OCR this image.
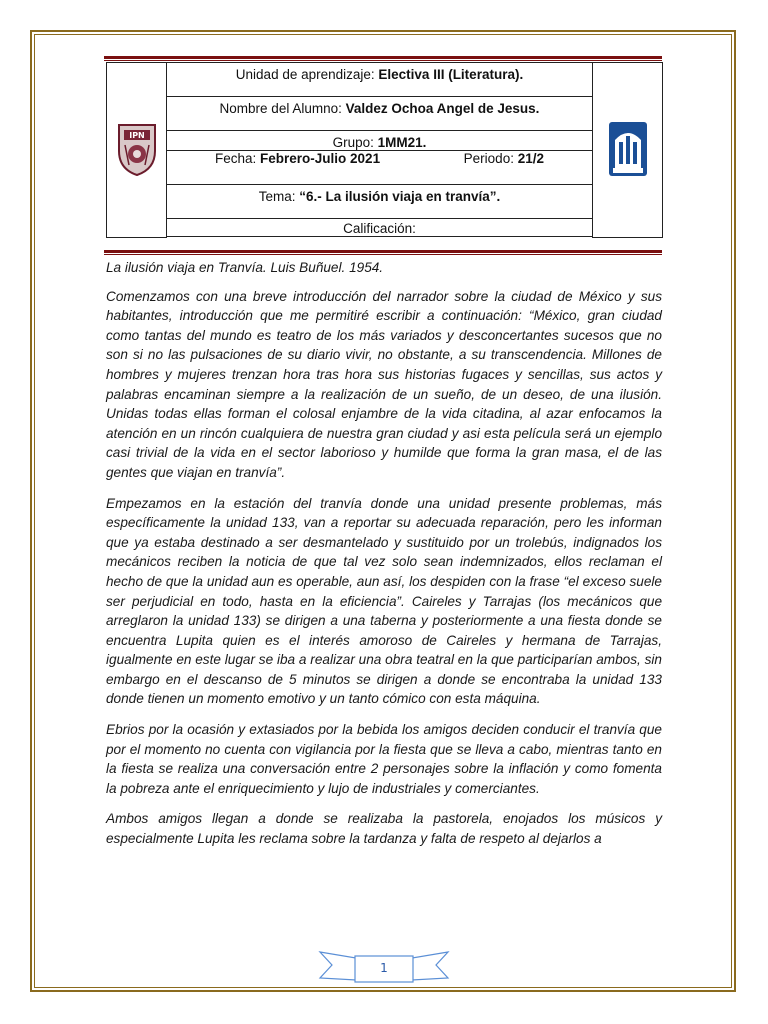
IPN
	Unidad de aprendizaje: Electiva III (Literatura).	
Nombre del Alumno: Valdez Ochoa Angel de Jesus.
Grupo: 1MM21.

Fecha: Febrero-Julio 2021	Periodo: 21/2

Tema: “6.- La ilusión viaja en tranvía”.
Calificación:

La ilusión viaja en Tranvía. Luis Buñuel. 1954.

Comenzamos con una breve introducción del narrador sobre la ciudad de México y sus habitantes, introducción que me permitiré escribir a continuación: “México, gran ciudad como tantas del mundo es teatro de los más variados y desconcertantes sucesos que no son si no las pulsaciones de su diario vivir, no obstante, a su transcendencia. Millones de hombres y mujeres trenzan hora tras hora sus historias fugaces y sencillas, sus actos y palabras encaminan siempre a la realización de un sueño, de un deseo, de una ilusión. Unidas todas ellas forman el colosal enjambre de la vida citadina, al azar enfocamos la atención en un rincón cualquiera de nuestra gran ciudad y asi esta película será un ejemplo casi trivial de la vida en el sector laborioso y humilde que forma la gran masa, el de las gentes que viajan en tranvía”.

Empezamos en la estación del tranvía donde una unidad presente problemas, más específicamente la unidad 133, van a reportar su adecuada reparación, pero les informan que ya estaba destinado a ser desmantelado y sustituido por un trolebús, indignados los mecánicos reciben la noticia de que tal vez solo sean indemnizados, ellos reclaman el hecho de que la unidad aun es operable, aun así, los despiden con la frase “el exceso suele ser perjudicial en todo, hasta en la eficiencia”. Caireles y Tarrajas (los mecánicos que arreglaron la unidad 133) se dirigen a una taberna y posteriormente a una fiesta donde se encuentra Lupita quien es el interés amoroso de Caireles y hermana de Tarrajas, igualmente en este lugar se iba a realizar una obra teatral en la que participarían ambos, sin embargo en el descanso de 5 minutos se dirigen a donde se encontraba la unidad 133 donde tienen un momento emotivo y un tanto cómico con esta máquina.

Ebrios por la ocasión y extasiados por la bebida los amigos deciden conducir el tranvía que por el momento no cuenta con vigilancia por la fiesta que se lleva a cabo, mientras tanto en la fiesta se realiza una conversación entre 2 personajes sobre la inflación y como fomenta la pobreza ante el enriquecimiento y lujo de industriales y comerciantes.

Ambos amigos llegan a donde se realizaba la pastorela, enojados los músicos y especialmente Lupita les reclama sobre la tardanza y falta de respeto al dejarlos a

1
